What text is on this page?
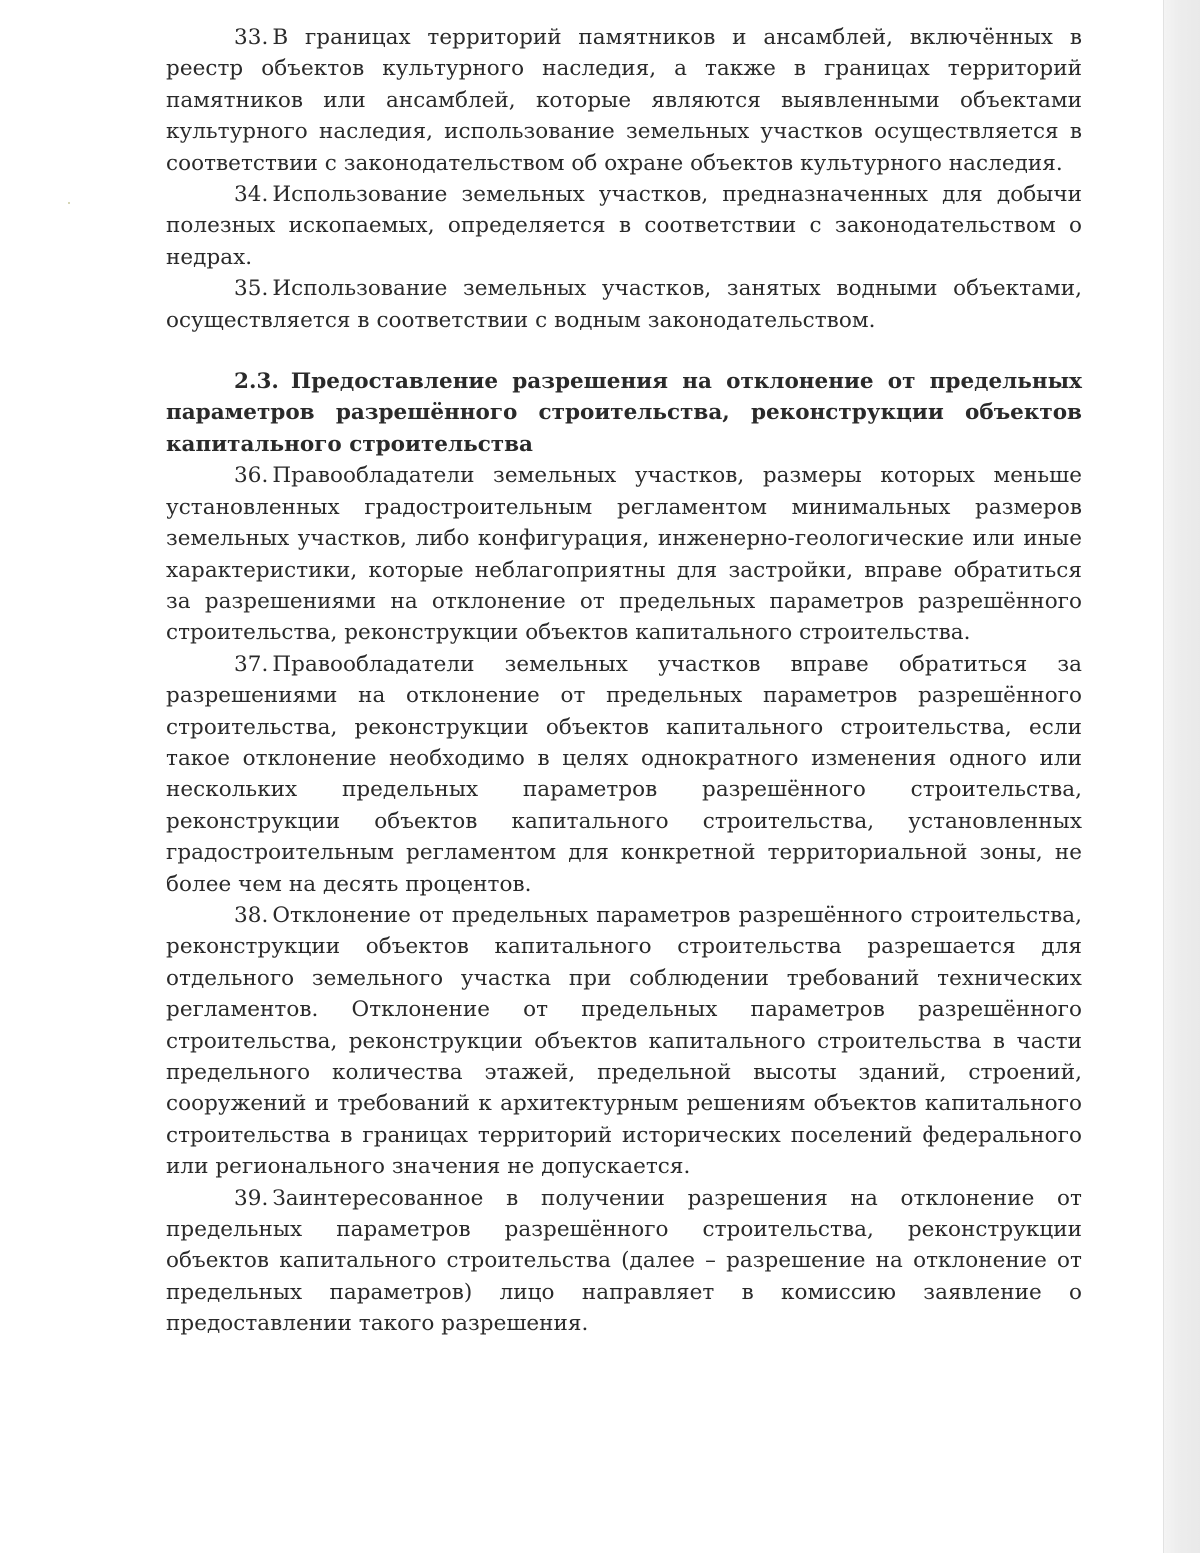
33. В границах территорий памятников и ансамблей, включённых в реестр объектов культурного наследия, а также в границах территорий памятников или ансамблей, которые являются выявленными объектами культурного наследия, использование земельных участков осуществляется в соответствии с законодательством об охране объектов культурного наследия.

34. Использование земельных участков, предназначенных для добычи полезных ископаемых, определяется в соответствии с законодательством о недрах.

35. Использование земельных участков, занятых водными объектами, осуществляется в соответствии с водным законодательством.

2.3. Предоставление разрешения на отклонение от предельных параметров разрешённого строительства, реконструкции объектов капитального строительства

36. Правообладатели земельных участков, размеры которых меньше установленных градостроительным регламентом минимальных размеров земельных участков, либо конфигурация, инженерно-геологические или иные характеристики, которые неблагоприятны для застройки, вправе обратиться за разрешениями на отклонение от предельных параметров разрешённого строительства, реконструкции объектов капитального строительства.

37. Правообладатели земельных участков вправе обратиться за разрешениями на отклонение от предельных параметров разрешённого строительства, реконструкции объектов капитального строительства, если такое отклонение необходимо в целях однократного изменения одного или нескольких предельных параметров разрешённого строительства, реконструкции объектов капитального строительства, установленных градостроительным регламентом для конкретной территориальной зоны, не более чем на десять процентов.

38. Отклонение от предельных параметров разрешённого строительства, реконструкции объектов капитального строительства разрешается для отдельного земельного участка при соблюдении требований технических регламентов. Отклонение от предельных параметров разрешённого строительства, реконструкции объектов капитального строительства в части предельного количества этажей, предельной высоты зданий, строений, сооружений и требований к архитектурным решениям объектов капитального строительства в границах территорий исторических поселений федерального или регионального значения не допускается.

39. Заинтересованное в получении разрешения на отклонение от предельных параметров разрешённого строительства, реконструкции объектов капитального строительства (далее – разрешение на отклонение от предельных параметров) лицо направляет в комиссию заявление о предоставлении такого разрешения.
